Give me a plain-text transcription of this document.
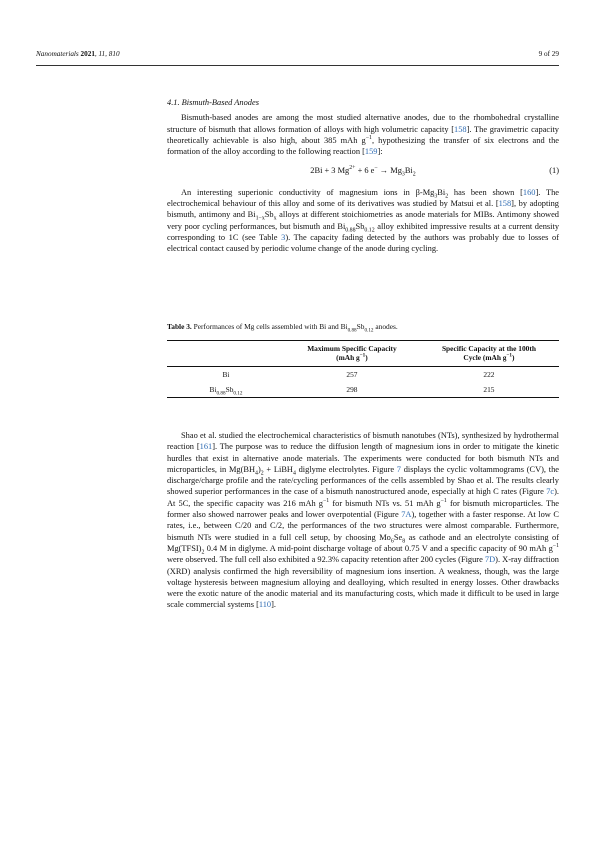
Nanomaterials 2021, 11, 810	9 of 29
4.1. Bismuth-Based Anodes

Bismuth-based anodes are among the most studied alternative anodes, due to the rhombohedral crystalline structure of bismuth that allows formation of alloys with high volumetric capacity [158]. The gravimetric capacity theoretically achievable is also high, about 385 mAh $g^{-1}$, hypothesizing the transfer of six electrons and the formation of the alloy according to the following reaction [159]:

2Bi + 3 $Mg^{2+} + 6$ $e^- \to Mg_3Bi_2$	(1)

An interesting superionic conductivity of magnesium ions in $\beta-Mg_3Bi_2$ has been shown [160]. The electrochemical behaviour of this alloy and some of its derivatives was studied by Matsui et al. [158], by adopting bismuth, antimony and $Bi_{1-x}Sb_x$ alloys at different stoichiometries as anode materials for MIBs. Antimony showed very poor cycling performances, but bismuth and $Bi_{0.88}Sb_{0.12}$ alloy exhibited impressive results at a current density corresponding to 1C (see Table 3). The capacity fading detected by the authors was probably due to losses of electrical contact caused by periodic volume change of the anode during cycling.

Table 3. Performances of Mg cells assembled with Bi and $Bi_{0.88}Sb_{0.12}$ anodes.
	Maximum Specific Capacity
(mAh $g^{-1}$)	Specific Capacity at the 100th
Cycle (mAh $g^{-1}$)
Bi	257	222
$Bi_{0.88}Sb_{0.12}$	298	215

Shao et al. studied the electrochemical characteristics of bismuth nanotubes (NTs), synthesized by hydrothermal reaction [161]. The purpose was to reduce the diffusion length of magnesium ions in order to mitigate the kinetic hurdles that exist in alternative anode materials. The experiments were conducted for both bismuth NTs and microparticles, in $Mg(BH_4)_2$ + LiBH$_4$ diglyme electrolytes. Figure 7 displays the cyclic voltammograms (CV), the discharge/charge profile and the rate/cycling performances of the cells assembled by Shao et al. The results clearly showed superior performances in the case of a bismuth nanostructured anode, especially at high C rates (Figure 7c). At 5C, the specific capacity was 216 mAh $g^{-1}$ for bismuth NTs vs. 51 mAh $g^{-1}$ for bismuth microparticles. The former also showed narrower peaks and lower overpotential (Figure 7A), together with a faster response. At low C rates, i.e., between C/20 and C/2, the performances of the two structures were almost comparable. Furthermore, bismuth NTs were studied in a full cell setup, by choosing $Mo_6Se_8$ as cathode and an electrolyte consisting of $Mg(TFSI)_2$ 0.4 M in diglyme. A mid-point discharge voltage of about 0.75 V and a specific capacity of 90 mAh $g^{-1}$ were observed. The full cell also exhibited a 92.3% capacity retention after 200 cycles (Figure 7D). X-ray diffraction (XRD) analysis confirmed the high reversibility of magnesium ions insertion. A weakness, though, was the large voltage hysteresis between magnesium alloying and dealloying, which resulted in energy losses. Other drawbacks were the exotic nature of the anodic material and its manufacturing costs, which made it difficult to be used in large scale commercial systems [110].
